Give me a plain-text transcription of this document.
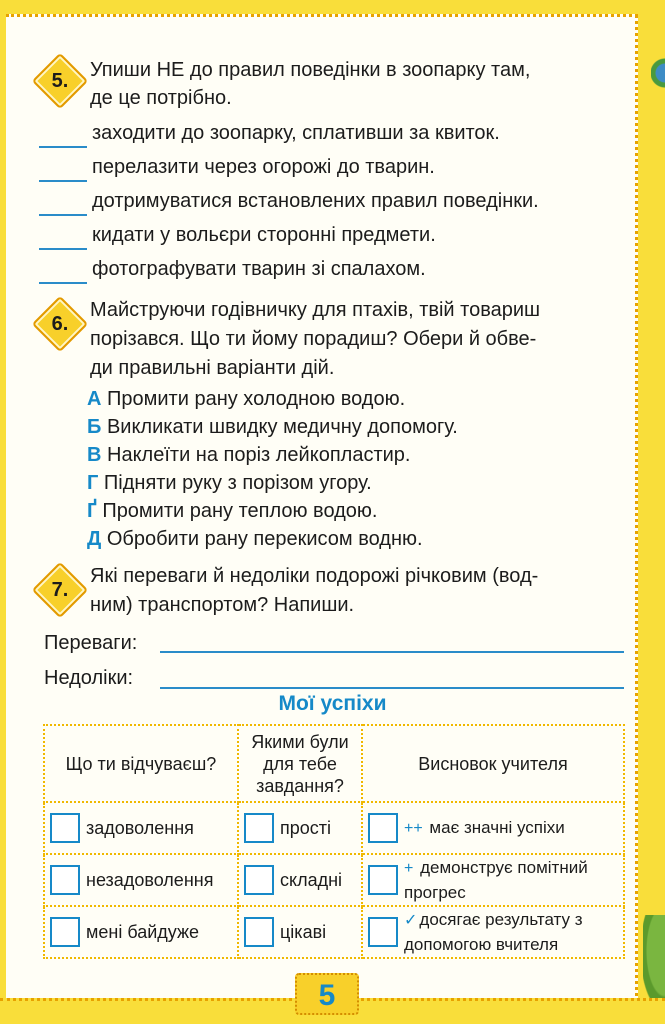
5.	Упиши НЕ до правил поведінки в зоопарку там,
де це потрібно.
заходити до зоопарку, сплативши за квиток.
перелазити через огорожі до тварин.
дотримуватися встановлених правил поведінки.
кидати у вольєри сторонні предмети.
фотографувати тварин зі спалахом.
6.
Майструючи годівничку для птахів, твій товариш
порізався. Що ти йому порадиш? Обери й обве-
ди правильні варіанти дій.
А Промити рану холодною водою.
Б Викликати швидку медичну допомогу.
В Наклеїти на поріз лейкопластир.
Г Підняти руку з порізом угору.
Ґ Промити рану теплою водою.
Д Обробити рану перекисом водню.
7.
Які переваги й недоліки подорожі річковим (вод-
ним) транспортом? Напиши.
Переваги:
Недоліки:
Мої успіхи
Що ти відчуваєш?	Якими були для тебе завдання?	Висновок учителя

задоволення	прості	++ має значні успіхи

незадоволення	складні	+ демонструє помітний прогрес

мені байдуже	цікаві	✓ досягає результату з допомогою вчителя
5
